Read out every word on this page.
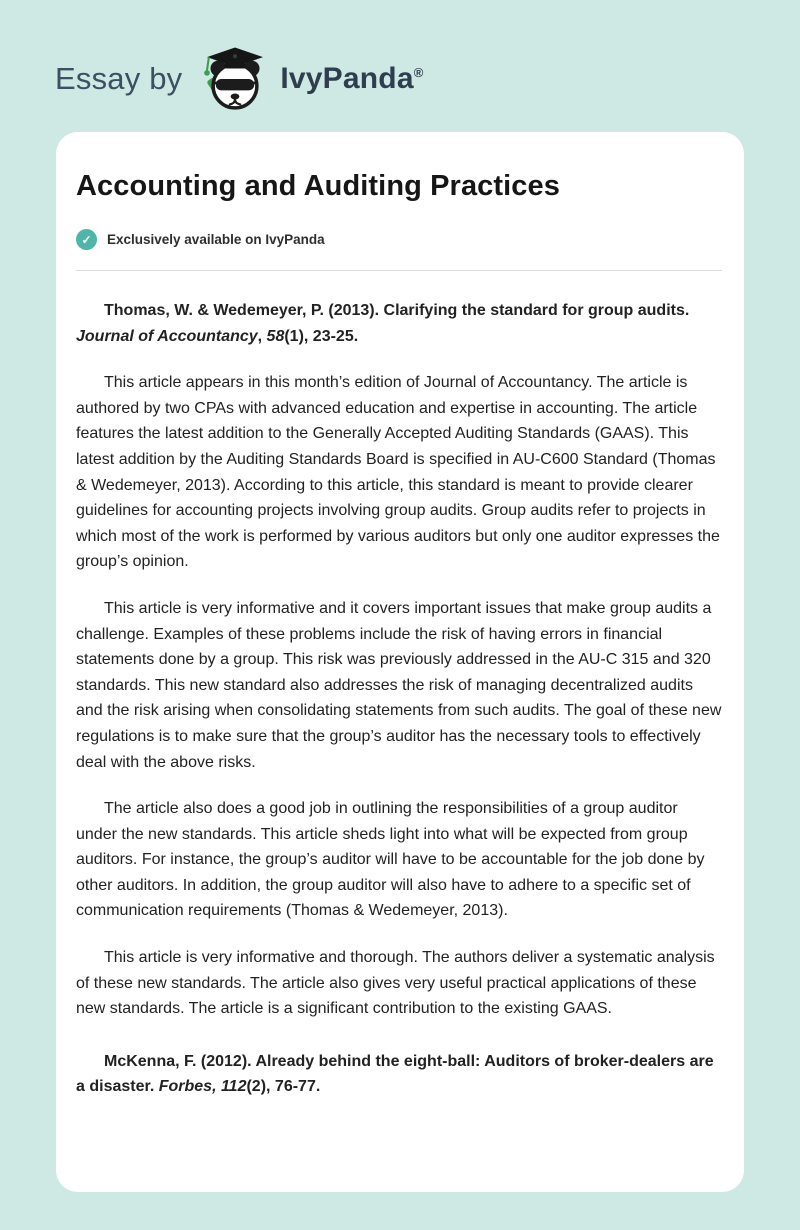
Essay by	IvyPanda®
Accounting and Auditing Practices
✓	Exclusively available on IvyPanda

Thomas, W. & Wedemeyer, P. (2013). Clarifying the standard for group audits. Journal of Accountancy, 58(1), 23-25.

This article appears in this month’s edition of Journal of Accountancy. The article is authored by two CPAs with advanced education and expertise in accounting. The article features the latest addition to the Generally Accepted Auditing Standards (GAAS). This latest addition by the Auditing Standards Board is specified in AU-C600 Standard (Thomas & Wedemeyer, 2013). According to this article, this standard is meant to provide clearer guidelines for accounting projects involving group audits. Group audits refer to projects in which most of the work is performed by various auditors but only one auditor expresses the group’s opinion.

This article is very informative and it covers important issues that make group audits a challenge. Examples of these problems include the risk of having errors in financial statements done by a group. This risk was previously addressed in the AU-C 315 and 320 standards. This new standard also addresses the risk of managing decentralized audits and the risk arising when consolidating statements from such audits. The goal of these new regulations is to make sure that the group’s auditor has the necessary tools to effectively deal with the above risks.

The article also does a good job in outlining the responsibilities of a group auditor under the new standards. This article sheds light into what will be expected from group auditors. For instance, the group’s auditor will have to be accountable for the job done by other auditors. In addition, the group auditor will also have to adhere to a specific set of communication requirements (Thomas & Wedemeyer, 2013).

This article is very informative and thorough. The authors deliver a systematic analysis of these new standards. The article also gives very useful practical applications of these new standards. The article is a significant contribution to the existing GAAS.

McKenna, F. (2012). Already behind the eight-ball: Auditors of broker-dealers are a disaster. Forbes, 112(2), 76-77.
